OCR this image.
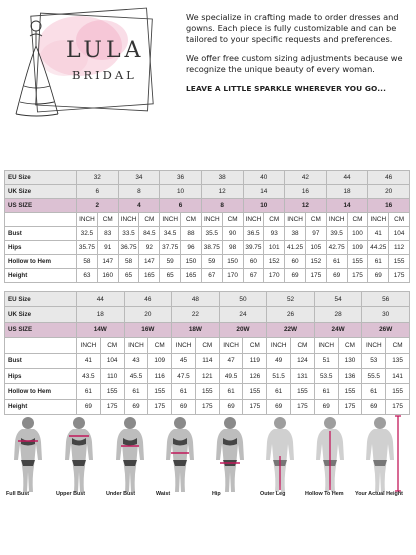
LULA
BRIDAL

We specialize in crafting made to order dresses and gowns. Each piece is fully customizable and can be tailored to your specific requests and preferences.

We offer free custom sizing adjustments because we recognize the unique beauty of every woman.

LEAVE A LITTLE SPARKLE WHEREVER YOU GO...

EU Size	32		34		36		38		40		42		44		46	
UK Size	6		8		10		12		14		16		18		20	
US SIZE	2		4		6		8		10		12		14		16	
	INCH	CM	INCH	CM	INCH	CM	INCH	CM	INCH	CM	INCH	CM	INCH	CM	INCH	CM
Bust	32.5	83	33.5	84.5	34.5	88	35.5	90	36.5	93	38	97	39.5	100	41	104
Hips	35.75	91	36.75	92	37.75	96	38.75	98	39.75	101	41.25	105	42.75	109	44.25	112
Hollow to Hem	58	147	58	147	59	150	59	150	60	152	60	152	61	155	61	155
Height	63	160	65	165	65	165	67	170	67	170	69	175	69	175	69	175
EU Size	44		46		48		50		52		54		56	
UK Size	18		20		22		24		26		28		30	
US SIZE	14W		16W		18W		20W		22W		24W		26W	
	INCH	CM	INCH	CM	INCH	CM	INCH	CM	INCH	CM	INCH	CM	INCH	CM
Bust	41	104	43	109	45	114	47	119	49	124	51	130	53	135
Hips	43.5	110	45.5	116	47.5	121	49.5	126	51.5	131	53.5	136	55.5	141
Hollow to Hem	61	155	61	155	61	155	61	155	61	155	61	155	61	155
Height	69	175	69	175	69	175	69	175	69	175	69	175	69	175
Full Bust	Upper Bust	Under Bust	Waist	Hip	Outer Leg	Hollow To Hem Your Actual Height
